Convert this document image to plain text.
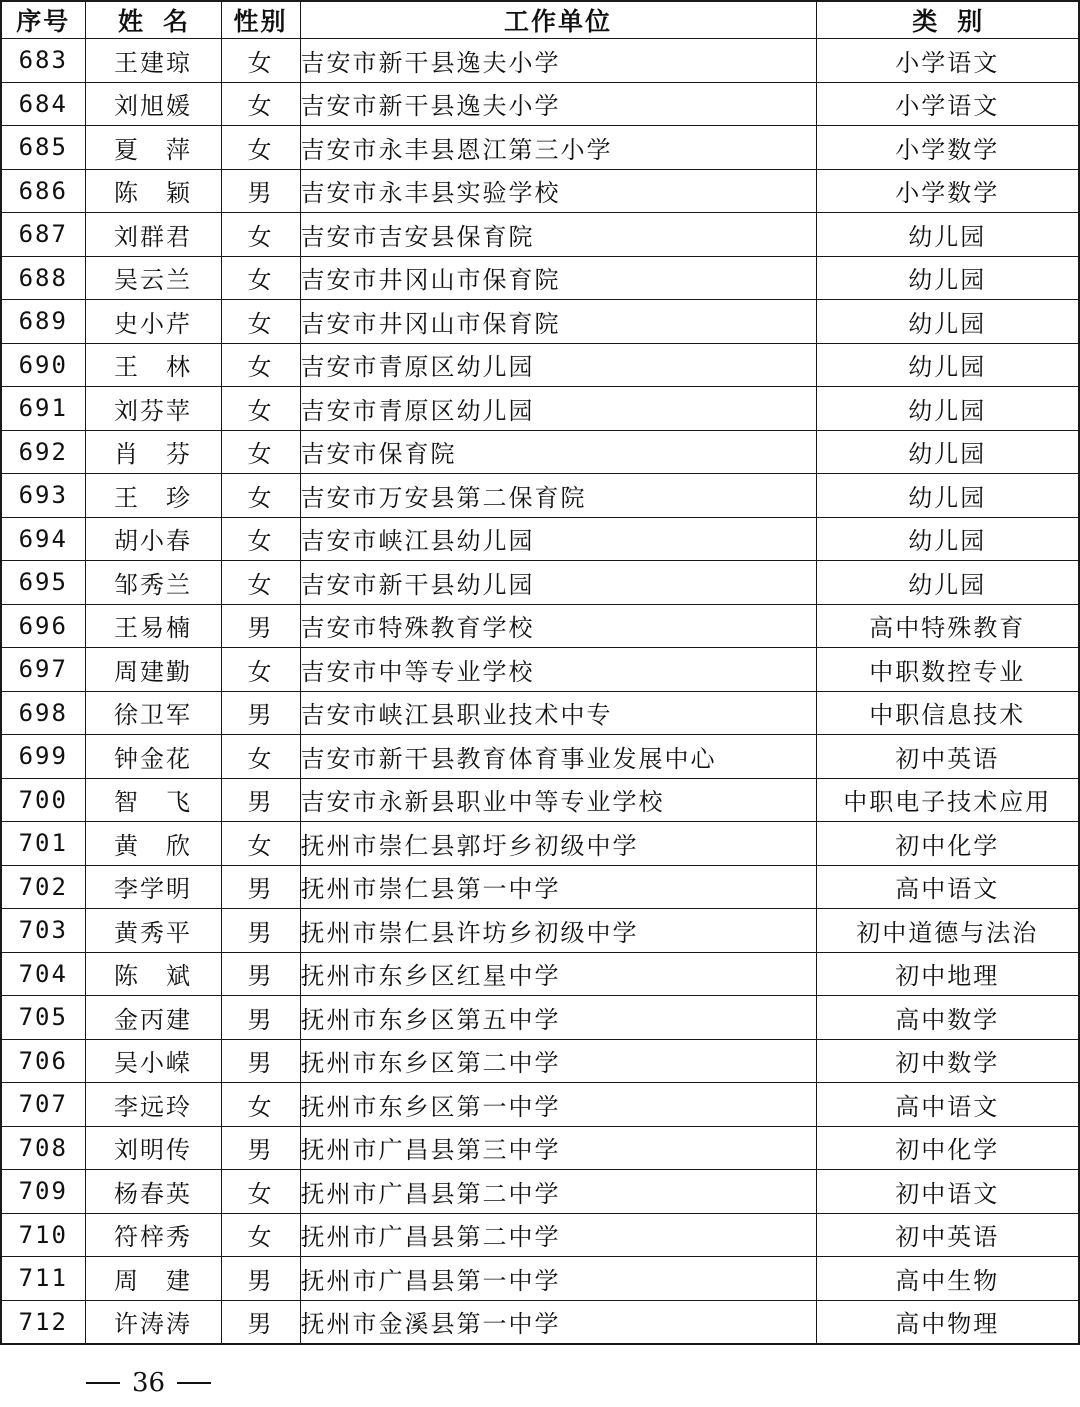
序号	姓名	性别	工作单位	类别
683	王建琼	女	吉安市新干县逸夫小学	小学语文
684	刘旭媛	女	吉安市新干县逸夫小学	小学语文
685	夏　萍	女	吉安市永丰县恩江第三小学	小学数学
686	陈　颖	男	吉安市永丰县实验学校	小学数学
687	刘群君	女	吉安市吉安县保育院	幼儿园
688	吴云兰	女	吉安市井冈山市保育院	幼儿园
689	史小芹	女	吉安市井冈山市保育院	幼儿园
690	王　林	女	吉安市青原区幼儿园	幼儿园
691	刘芬苹	女	吉安市青原区幼儿园	幼儿园
692	肖　芬	女	吉安市保育院	幼儿园
693	王　珍	女	吉安市万安县第二保育院	幼儿园
694	胡小春	女	吉安市峡江县幼儿园	幼儿园
695	邹秀兰	女	吉安市新干县幼儿园	幼儿园
696	王易楠	男	吉安市特殊教育学校	高中特殊教育
697	周建勤	女	吉安市中等专业学校	中职数控专业
698	徐卫军	男	吉安市峡江县职业技术中专	中职信息技术
699	钟金花	女	吉安市新干县教育体育事业发展中心	初中英语
700	智　飞	男	吉安市永新县职业中等专业学校	中职电子技术应用
701	黄　欣	女	抚州市崇仁县郭圩乡初级中学	初中化学
702	李学明	男	抚州市崇仁县第一中学	高中语文
703	黄秀平	男	抚州市崇仁县许坊乡初级中学	初中道德与法治
704	陈　斌	男	抚州市东乡区红星中学	初中地理
705	金丙建	男	抚州市东乡区第五中学	高中数学
706	吴小嵘	男	抚州市东乡区第二中学	初中数学
707	李远玲	女	抚州市东乡区第一中学	高中语文
708	刘明传	男	抚州市广昌县第三中学	初中化学
709	杨春英	女	抚州市广昌县第二中学	初中语文
710	符梓秀	女	抚州市广昌县第二中学	初中英语
711	周　建	男	抚州市广昌县第一中学	高中生物
712	许涛涛	男	抚州市金溪县第一中学	高中物理
36
